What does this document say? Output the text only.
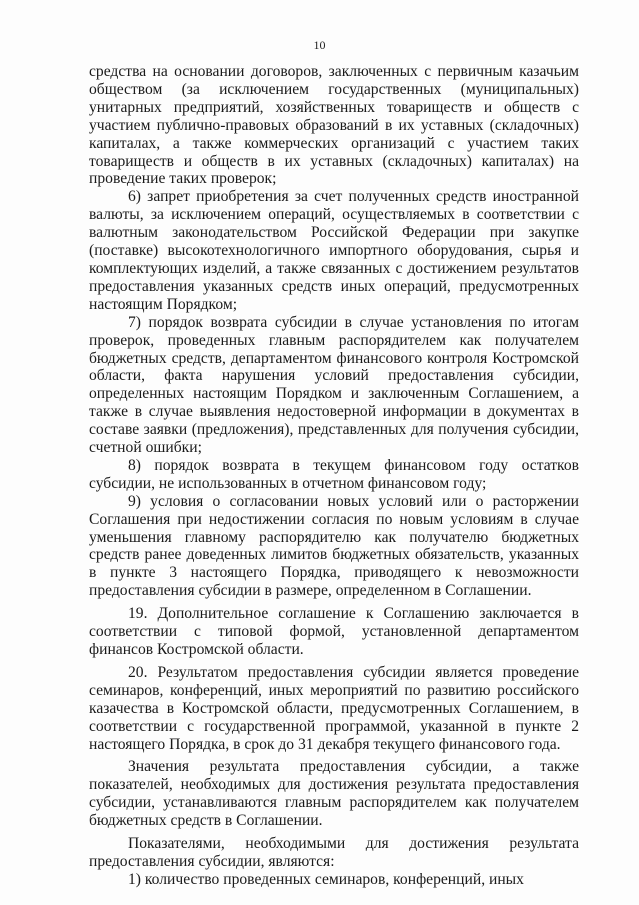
10

средства на основании договоров, заключенных с первичным казачьим обществом (за исключением государственных (муниципальных) унитарных предприятий, хозяйственных товариществ и обществ с участием публично-правовых образований в их уставных (складочных) капиталах, а также коммерческих организаций с участием таких товариществ и обществ в их уставных (складочных) капиталах) на проведение таких проверок;

6) запрет приобретения за счет полученных средств иностранной валюты, за исключением операций, осуществляемых в соответствии с валютным законодательством Российской Федерации при закупке (поставке) высокотехнологичного импортного оборудования, сырья и комплектующих изделий, а также связанных с достижением результатов предоставления указанных средств иных операций, предусмотренных настоящим Порядком;

7) порядок возврата субсидии в случае установления по итогам проверок, проведенных главным распорядителем как получателем бюджетных средств, департаментом финансового контроля Костромской области, факта нарушения условий предоставления субсидии, определенных настоящим Порядком и заключенным Соглашением, а также в случае выявления недостоверной информации в документах в составе заявки (предложения), представленных для получения субсидии, счетной ошибки;

8) порядок возврата в текущем финансовом году остатков субсидии, не использованных в отчетном финансовом году;

9) условия о согласовании новых условий или о расторжении Соглашения при недостижении согласия по новым условиям в случае уменьшения главному распорядителю как получателю бюджетных средств ранее доведенных лимитов бюджетных обязательств, указанных в пункте 3 настоящего Порядка, приводящего к невозможности предоставления субсидии в размере, определенном в Соглашении.

19. Дополнительное соглашение к Соглашению заключается в соответствии с типовой формой, установленной департаментом финансов Костромской области.

20. Результатом предоставления субсидии является проведение семинаров, конференций, иных мероприятий по развитию российского казачества в Костромской области, предусмотренных Соглашением, в соответствии с государственной программой, указанной в пункте 2 настоящего Порядка, в срок до 31 декабря текущего финансового года.

Значения результата предоставления субсидии, а также показателей, необходимых для достижения результата предоставления субсидии, устанавливаются главным распорядителем как получателем бюджетных средств в Соглашении.

Показателями, необходимыми для достижения результата предоставления субсидии, являются:

1) количество проведенных семинаров, конференций, иных
